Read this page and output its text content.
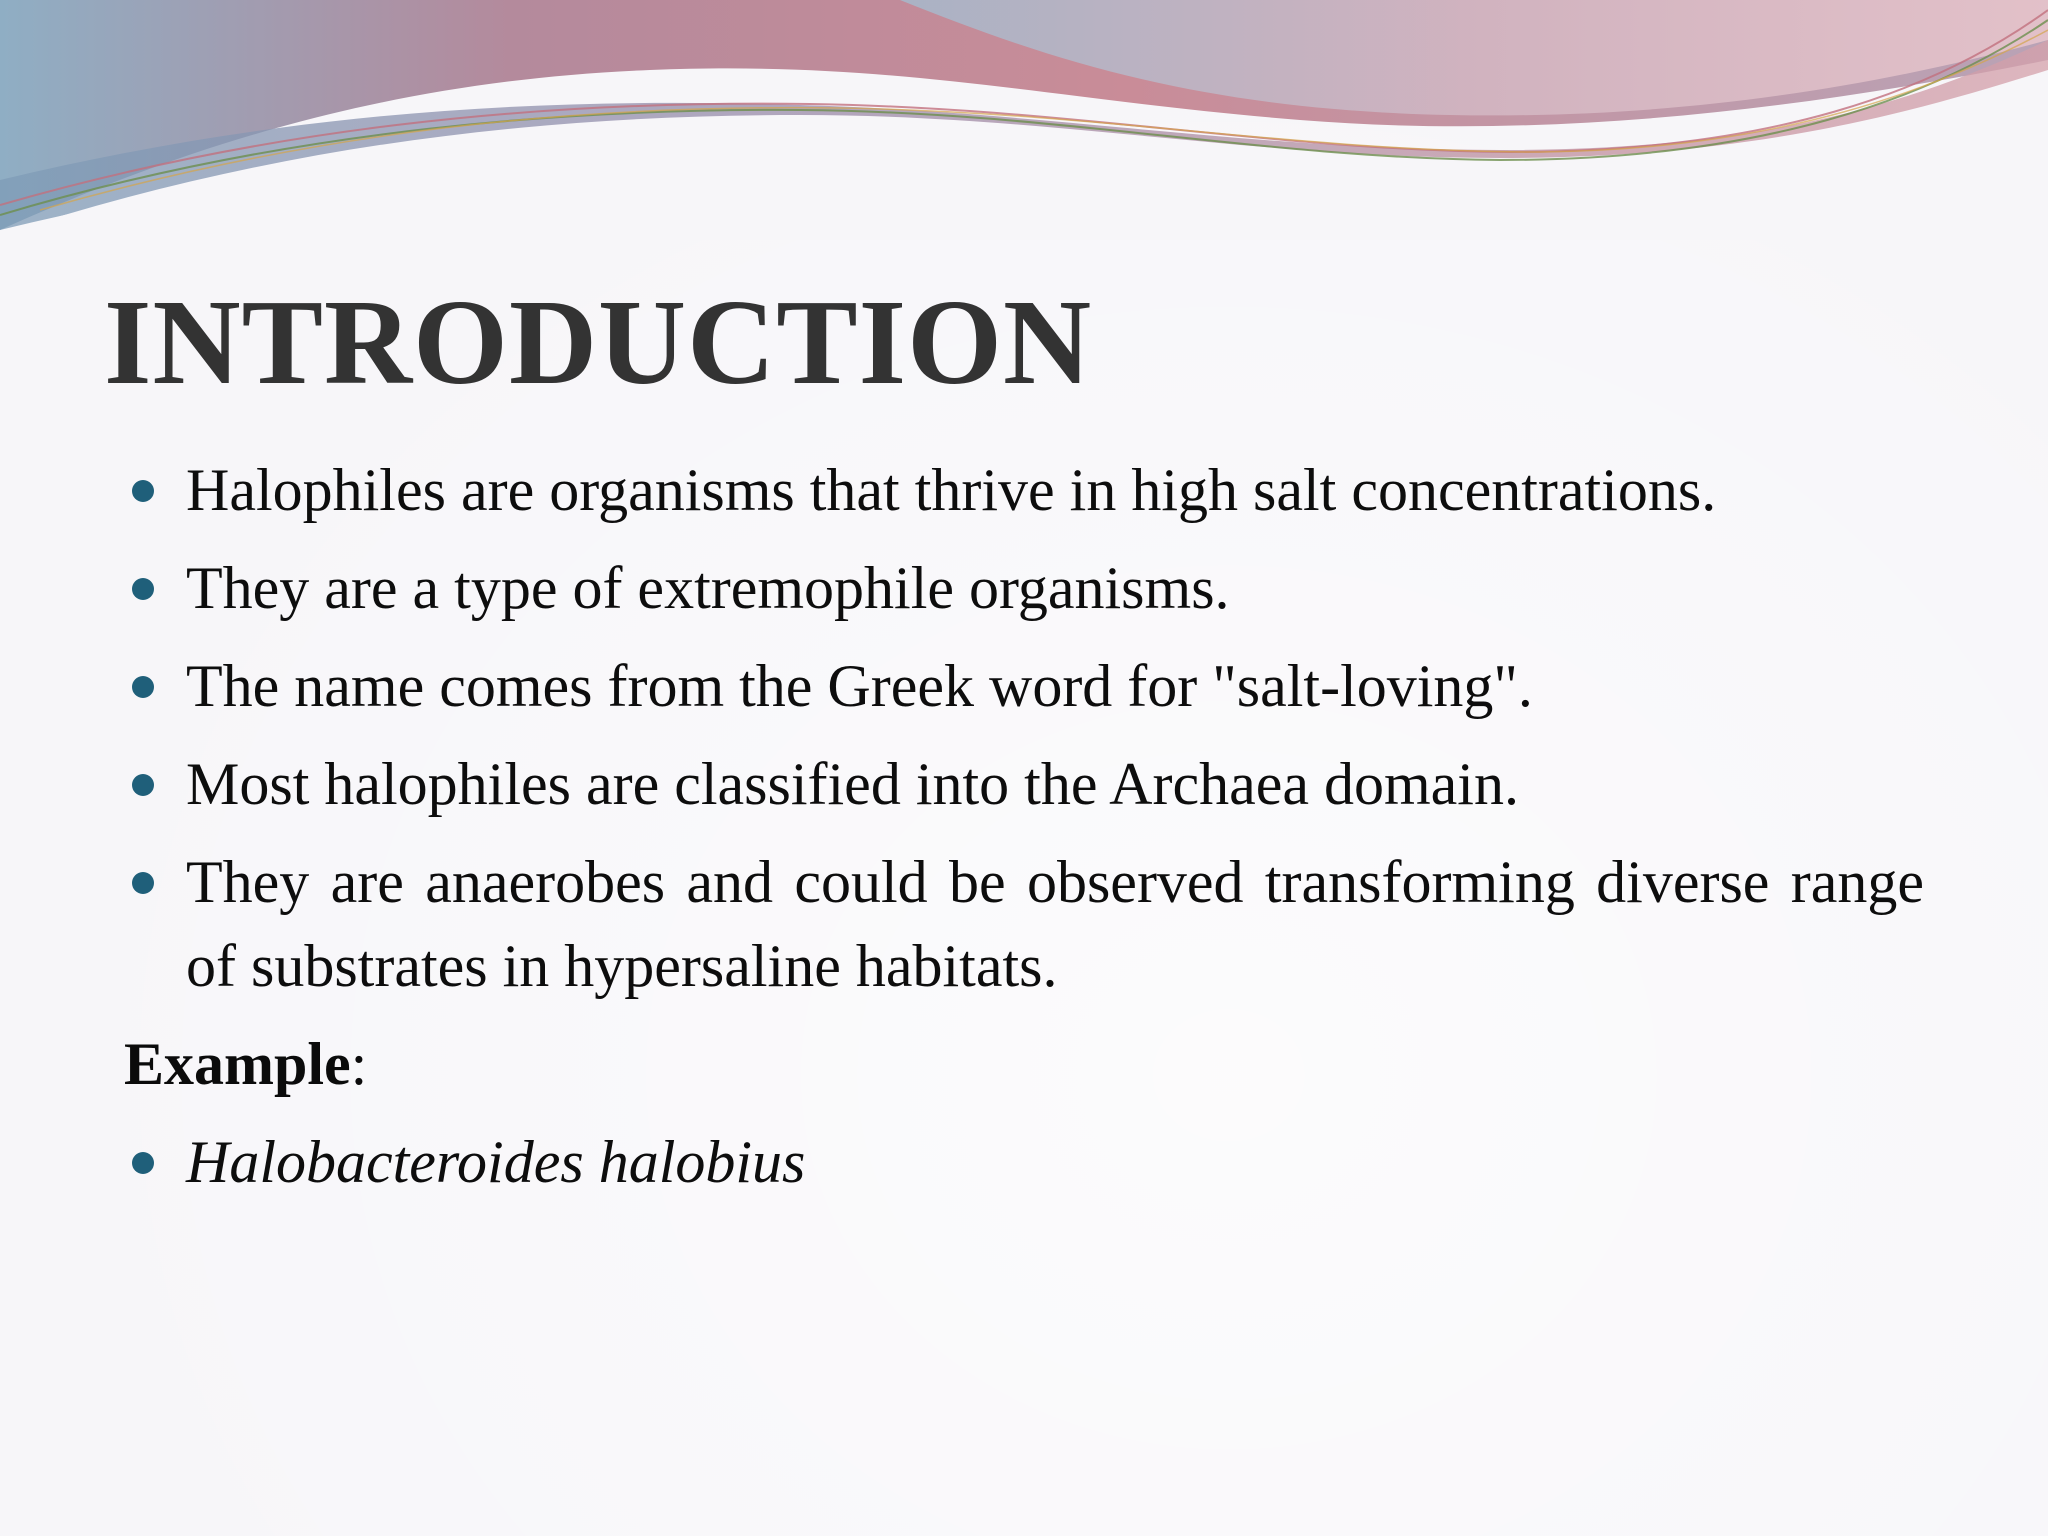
INTRODUCTION
Halophiles are organisms that thrive in high salt concentrations.
They are a type of extremophile organisms.
The name comes from the Greek word for "salt-loving".
Most halophiles are classified into the Archaea domain.
They are anaerobes and could be observed transforming diverse range of substrates in hypersaline habitats.
Example:
Halobacteroides halobius
